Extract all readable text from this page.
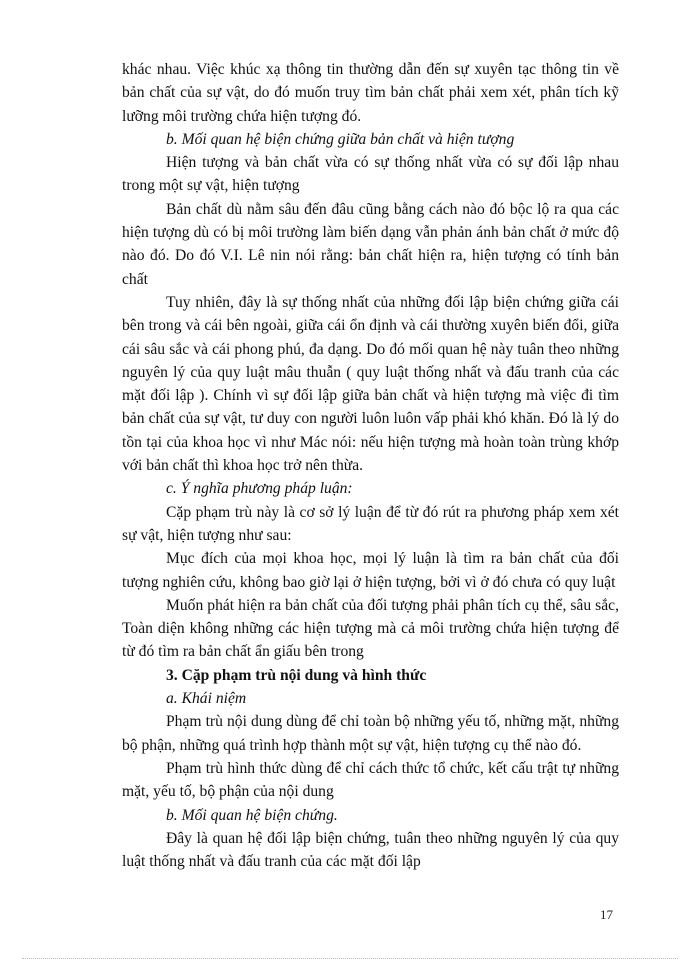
khác nhau. Việc khúc xạ thông tin thường dẫn đến sự xuyên tạc thông tin về bản chất của sự vật, do đó muốn truy tìm bản chất phải xem xét, phân tích kỹ lưỡng môi trường chứa hiện tượng đó.

b. Mối quan hệ biện chứng giữa bản chất và hiện tượng

Hiện tượng và bản chất vừa có sự thống nhất vừa có sự đối lập nhau trong một sự vật, hiện tượng

Bản chất dù nằm sâu đến đâu cũng bằng cách nào đó bộc lộ ra qua các hiện tượng dù có bị môi trường làm biến dạng vẫn phản ánh bản chất ở mức độ nào đó. Do đó V.I. Lê nin nói rằng: bản chất hiện ra, hiện tượng có tính bản chất

Tuy nhiên, đây là sự thống nhất của những đối lập biện chứng giữa cái bên trong và cái bên ngoài, giữa cái ổn định và cái thường xuyên biến đổi, giữa cái sâu sắc và cái phong phú, đa dạng. Do đó mối quan hệ này tuân theo những nguyên lý của quy luật mâu thuẫn ( quy luật thống nhất và đấu tranh của các mặt đối lập ). Chính vì sự đối lập giữa bản chất và hiện tượng mà việc đi tìm bản chất của sự vật, tư duy con người luôn luôn vấp phải khó khăn. Đó là lý do tồn tại của khoa học vì như Mác nói: nếu hiện tượng mà hoàn toàn trùng khớp với bản chất thì khoa học trở nên thừa.

c. Ý nghĩa phương pháp luận:

Cặp phạm trù này là cơ sở lý luận để từ đó rút ra phương pháp xem xét sự vật, hiện tượng như sau:

Mục đích của mọi khoa học, mọi lý luận là tìm ra bản chất của đối tượng nghiên cứu, không bao giờ lại ở hiện tượng, bởi vì ở đó chưa có quy luật

Muốn phát hiện ra bản chất của đối tượng phải phân tích cụ thể, sâu sắc, Toàn diện không những các hiện tượng mà cả môi trường chứa hiện tượng để từ đó tìm ra bản chất ẩn giấu bên trong

3. Cặp phạm trù nội dung và hình thức

a. Khái niệm

Phạm trù nội dung dùng để chỉ toàn bộ những yếu tố, những mặt, những bộ phận, những quá trình hợp thành một sự vật, hiện tượng cụ thể nào đó.

Phạm trù hình thức dùng để chỉ cách thức tổ chức, kết cấu trật tự những mặt, yếu tố, bộ phận của nội dung

b. Mối quan hệ biện chứng.

Đây là quan hệ đối lập biện chứng, tuân theo những nguyên lý của quy luật thống nhất và đấu tranh của các mặt đối lập

17
